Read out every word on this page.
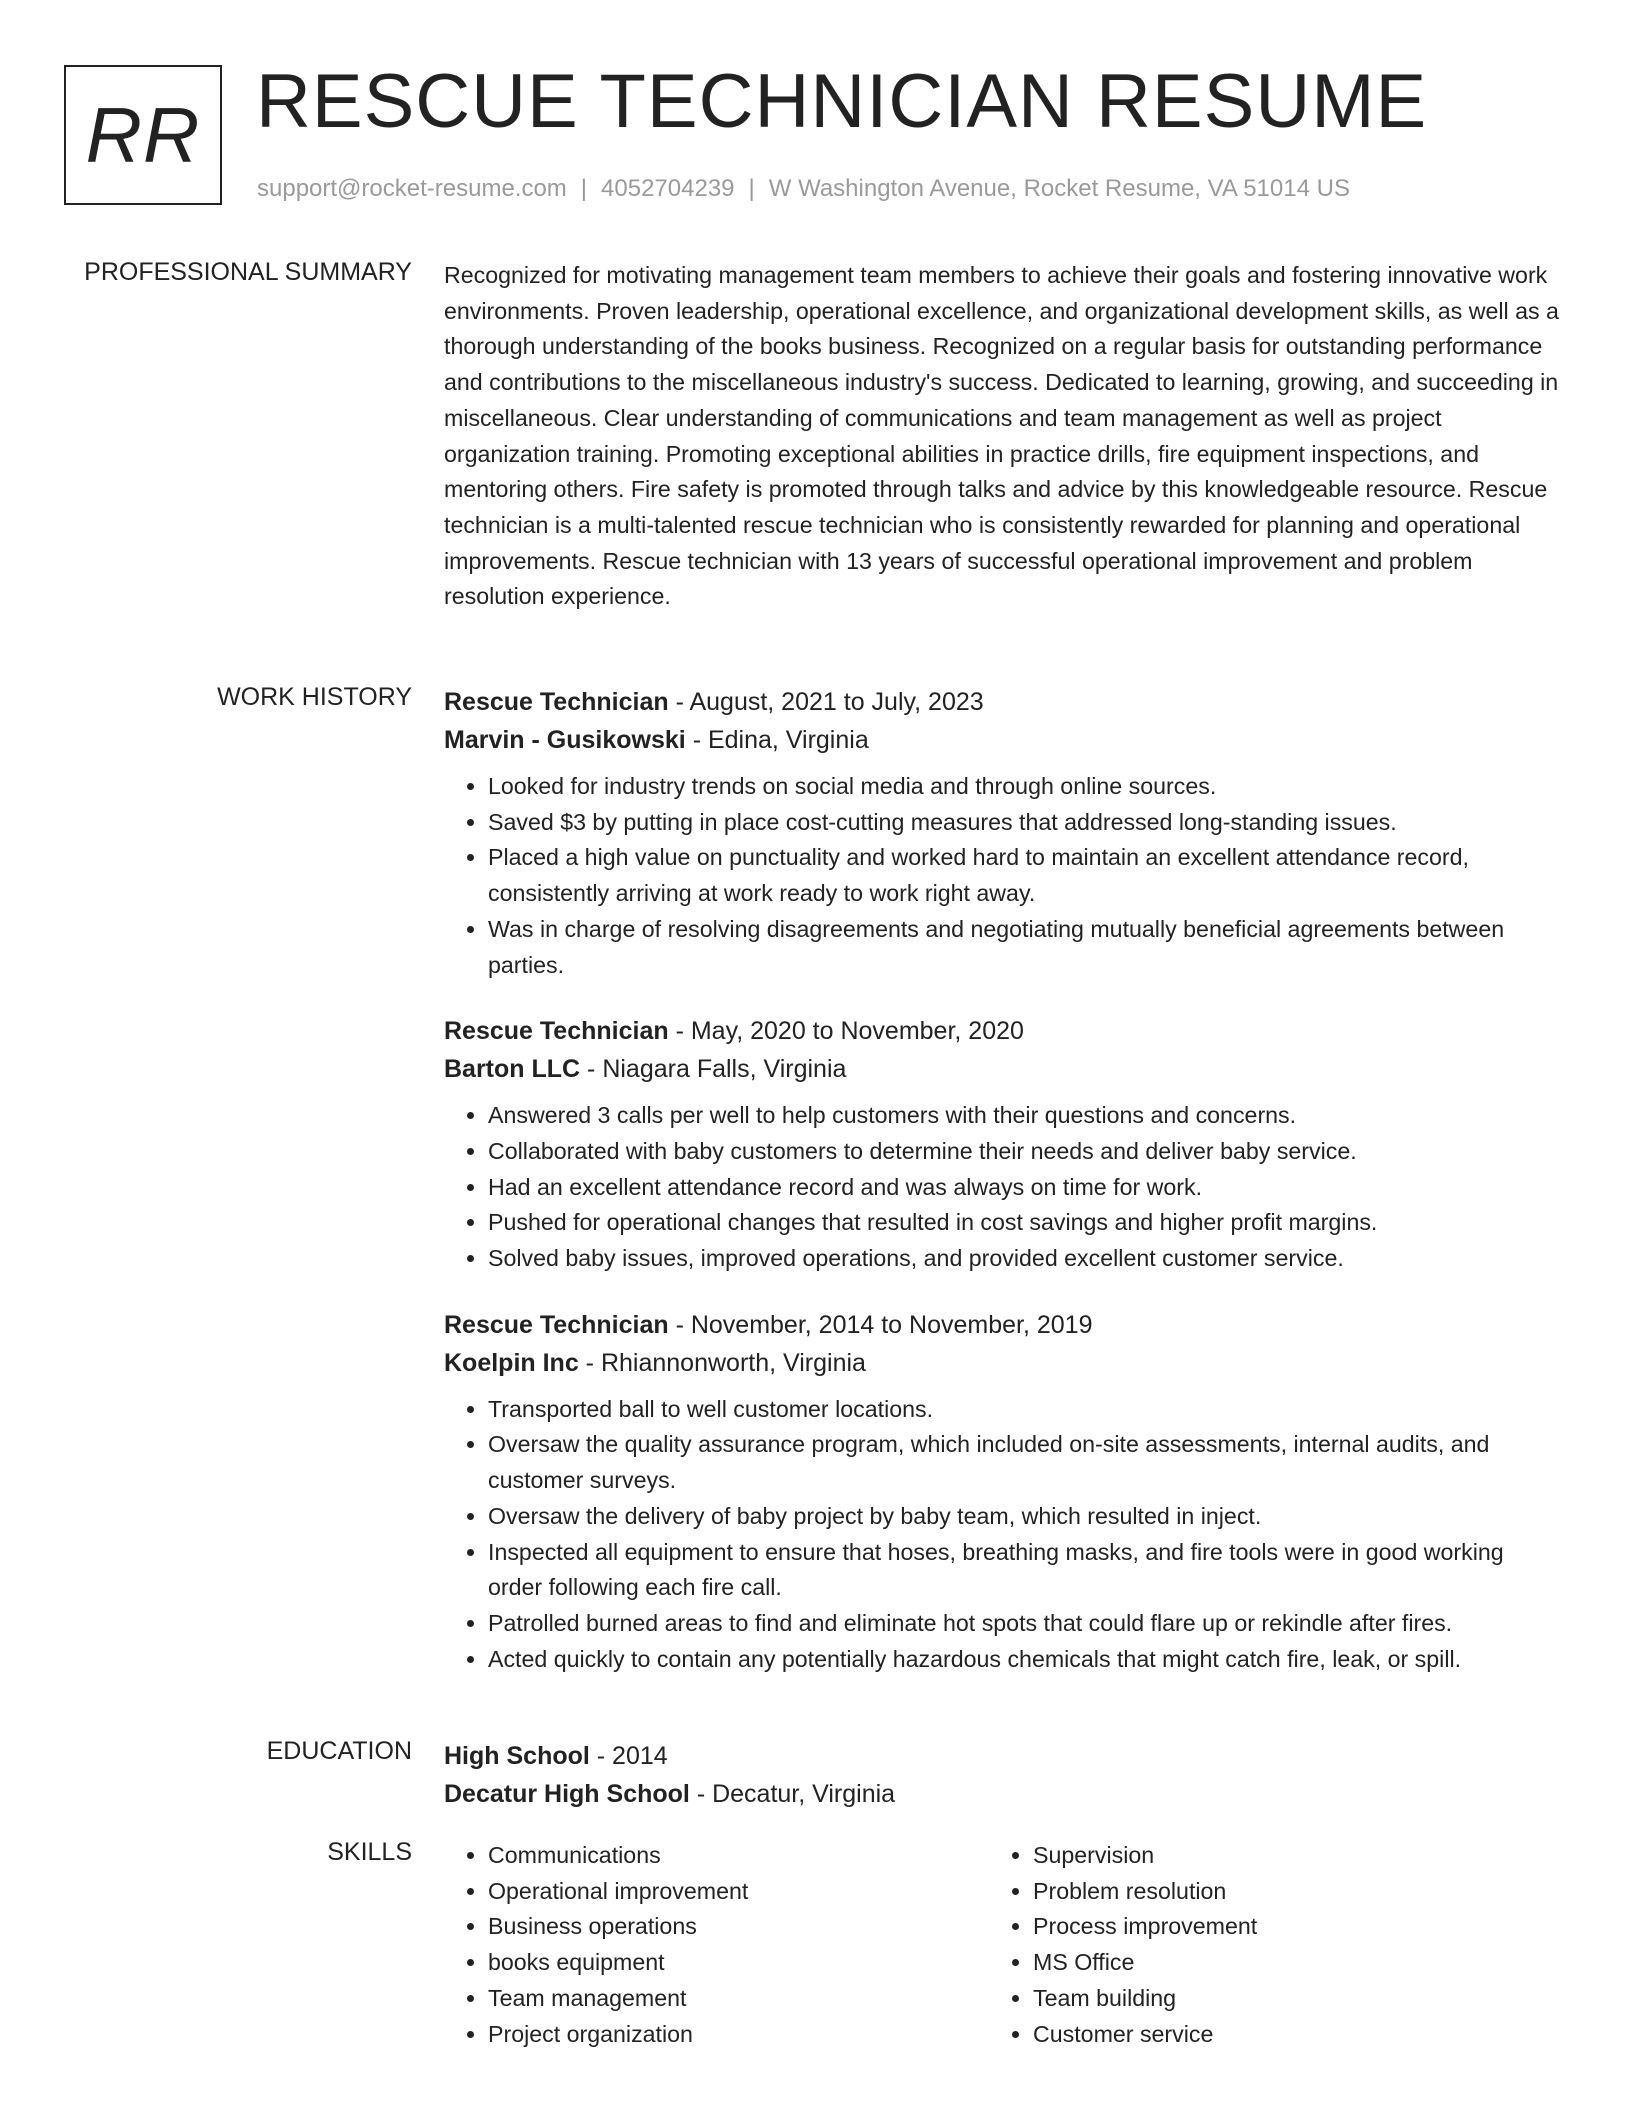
RR RESCUE TECHNICIAN RESUME
support@rocket-resume.com | 4052704239 | W Washington Avenue, Rocket Resume, VA 51014 US
PROFESSIONAL SUMMARY Recognized for motivating management team members to achieve their goals and fostering innovative work environments. Proven leadership, operational excellence, and organizational development skills, as well as a thorough understanding of the books business. Recognized on a regular basis for outstanding performance and contributions to the miscellaneous industry's success. Dedicated to learning, growing, and succeeding in miscellaneous. Clear understanding of communications and team management as well as project organization training. Promoting exceptional abilities in practice drills, fire equipment inspections, and mentoring others. Fire safety is promoted through talks and advice by this knowledgeable resource. Rescue technician is a multi-talented rescue technician who is consistently rewarded for planning and operational improvements. Rescue technician with 13 years of successful operational improvement and problem resolution experience.

WORK HISTORY Rescue Technician - August, 2021 to July, 2023
Marvin - Gusikowski - Edina, Virginia
• Looked for industry trends on social media and through online sources.
• Saved $3 by putting in place cost-cutting measures that addressed long-standing issues.
• Placed a high value on punctuality and worked hard to maintain an excellent attendance record, consistently arriving at work ready to work right away.
• Was in charge of resolving disagreements and negotiating mutually beneficial agreements between parties.
Rescue Technician - May, 2020 to November, 2020
Barton LLC - Niagara Falls, Virginia
• Answered 3 calls per well to help customers with their questions and concerns.
• Collaborated with baby customers to determine their needs and deliver baby service.
• Had an excellent attendance record and was always on time for work.
• Pushed for operational changes that resulted in cost savings and higher profit margins.
• Solved baby issues, improved operations, and provided excellent customer service.
Rescue Technician - November, 2014 to November, 2019
Koelpin Inc - Rhiannonworth, Virginia
• Transported ball to well customer locations.
• Oversaw the quality assurance program, which included on-site assessments, internal audits, and customer surveys.
• Oversaw the delivery of baby project by baby team, which resulted in inject.
• Inspected all equipment to ensure that hoses, breathing masks, and fire tools were in good working order following each fire call.
• Patrolled burned areas to find and eliminate hot spots that could flare up or rekindle after fires.
• Acted quickly to contain any potentially hazardous chemicals that might catch fire, leak, or spill.
EDUCATION High School - 2014
Decatur High School - Decatur, Virginia
SKILLS
•	Communications
• Operational improvement
• Business operations
• books equipment
• Team management
• Project organization
• Supervision
• Problem resolution
• Process improvement
• MS Office
• Team building
• Customer service
